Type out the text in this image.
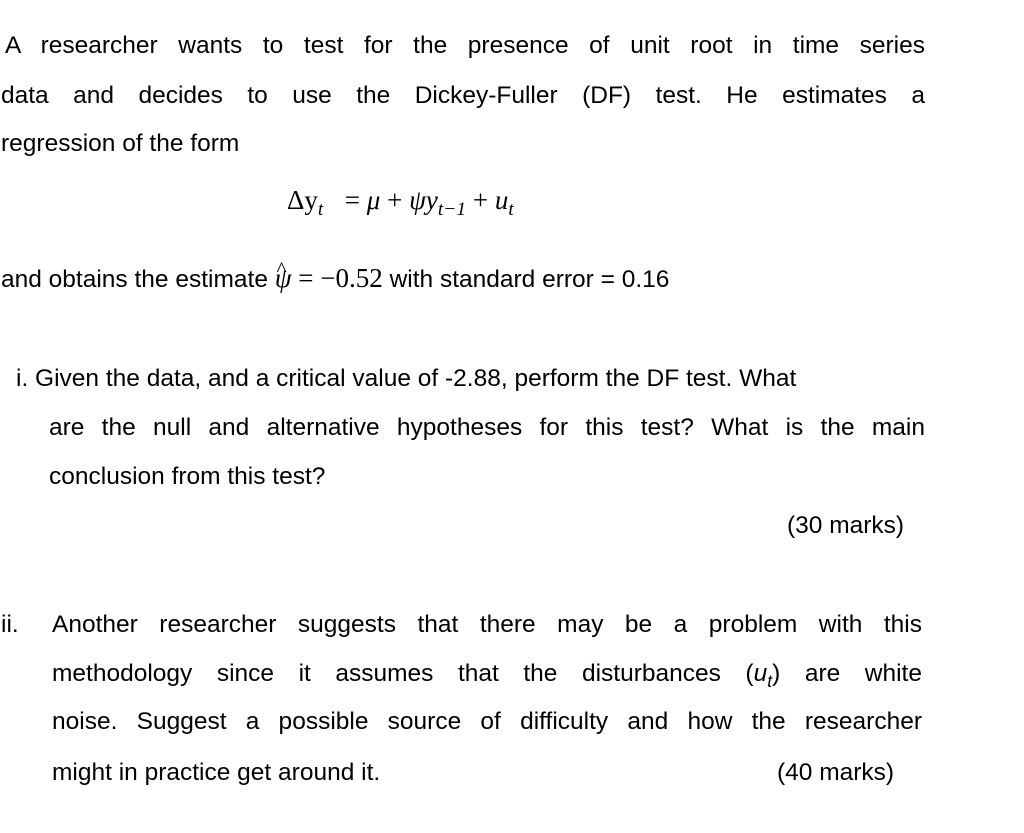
A researcher wants to test for the presence of unit root in time series
data and decides to use the Dickey-Fuller (DF) test. He estimates a
regression of the form
$\Delta y_t = \mu + \psi y_{t-1} + u_t$
and obtains the estimate ^ ψ = −0.52 with standard error = 0.16
i. Given the data, and a critical value of -2.88, perform the DF test. What
are the null and alternative hypotheses for this test? What is the main
conclusion from this test?
(30 marks)
ii. Another researcher suggests that there may be a problem with this
methodology since it assumes that the disturbances $(u_t)$ are white
noise. Suggest a possible source of difficulty and how the researcher
might in practice get around it.	(40 marks)
